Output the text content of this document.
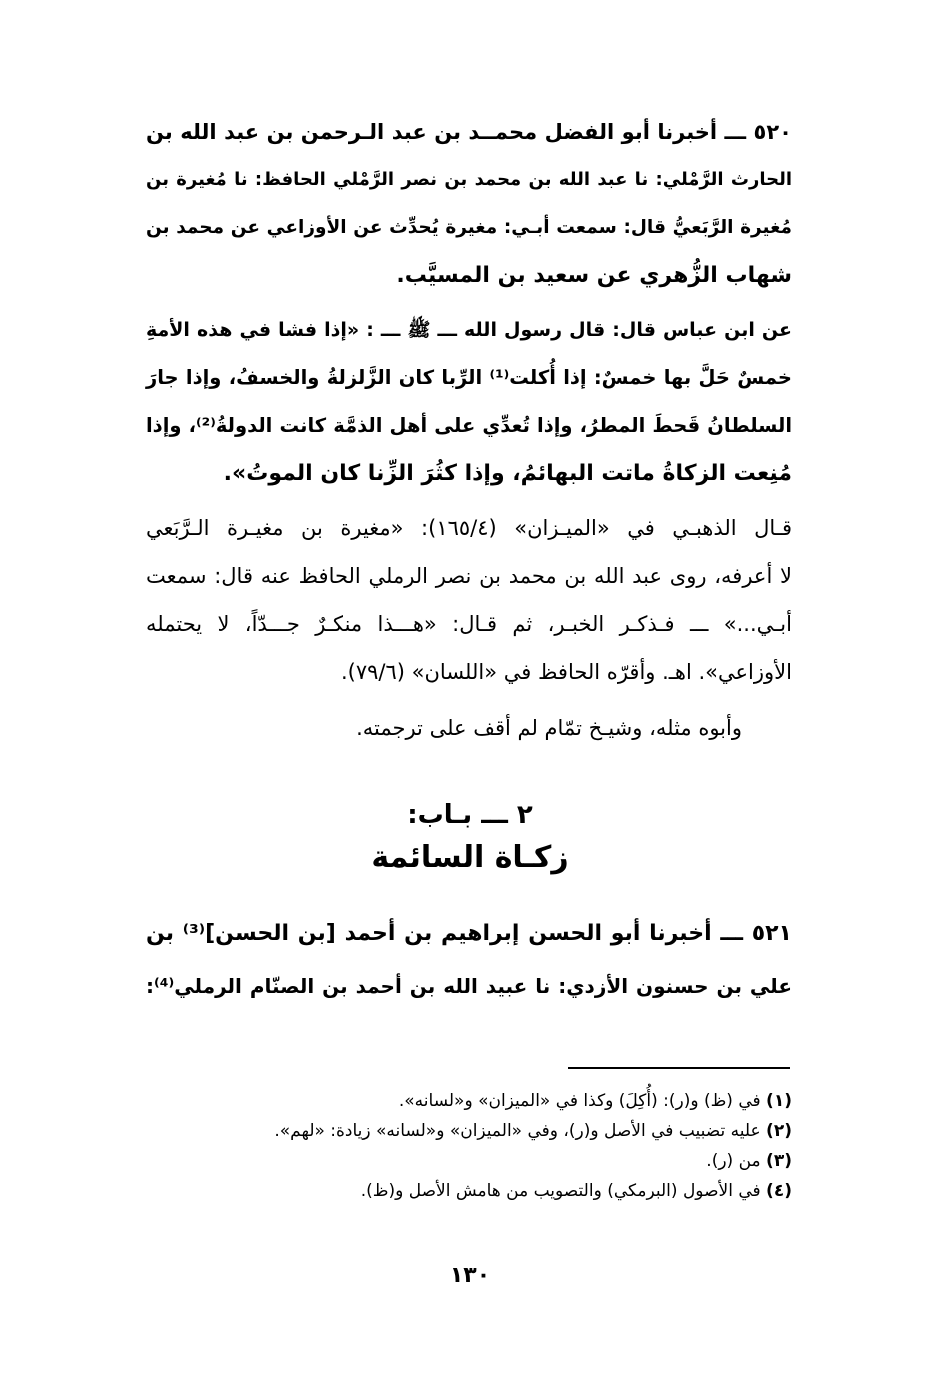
٥٢٠ ـــ أخبرنا أبو الفضل محمــد بن عبد الـرحمن بن عبد الله بن
الحارث الرَّمْلي: نا عبد الله بن محمد بن نصر الرَّمْلي الحافظ: نا مُغيرة بن
مُغيرة الرَّبَعيُّ قال: سمعت أبـي: مغيرة يُحدِّث عن الأوزاعي عن محمد بن
شهاب الزُّهري عن سعيد بن المسيَّب.
عن ابن عباس قال: قال رسول الله ـــ ﷺ ـــ : «إذا فشا في هذه الأمةِ
خمسٌ حَلَّ بها خمسٌ: إذا أُكلت⁽¹⁾ الرِّبا كان الزَّلزلةُ والخسفُ، وإذا جارَ
السلطانُ قَحطَ المطرُ، وإذا تُعدِّي على أهل الذمَّة كانت الدولةُ⁽²⁾، وإذا
مُنِعت الزكاةُ ماتت البهائمُ، وإذا كثُرَ الزِّنا كان الموتُ».
قـال الذهبـي في «الميـزان» (١٦٥/٤): «مغيرة بن مغيـرة الـرَّبَعي
لا أعرفه، روى عبد الله بن محمد بن نصر الرملي الحافظ عنه قال: سمعت
أبـي...» ـــ فـذكـر الخبـر، ثم قـال: «هـــذا منكـرٌ جـــدّاً، لا يحتمله
الأوزاعي». اهـ. وأقرّه الحافظ في «اللسان» (٧٩/٦).
وأبوه مثله، وشيـخ تمّام لم أقف على ترجمته.
٢ ـــ بـاب:
زكـاة السائمة
٥٢١ ـــ أخبرنا أبو الحسن إبراهيم بن أحمد [بن الحسن]⁽³⁾ بن
علي بن حسنون الأزدي: نا عبيد الله بن أحمد بن الصنّام الرملي⁽⁴⁾:
(١) في (ظ) و(ر): (أُكِلَ) وكذا في «الميزان» و«لسانه».
(٢) عليه تضبيب في الأصل و(ر)، وفي «الميزان» و«لسانه» زيادة: «لهم».
(٣) من (ر).
(٤) في الأصول (البرمكي) والتصويب من هامش الأصل و(ظ).
١٣٠
